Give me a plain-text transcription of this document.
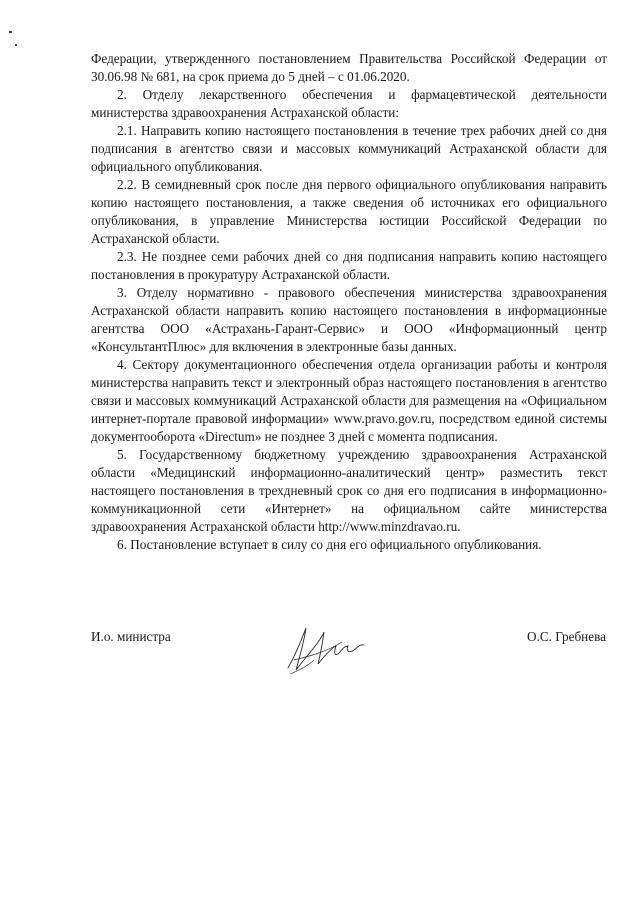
Федерации, утвержденного постановлением Правительства Российской Федерации от 30.06.98 № 681, на срок приема до 5 дней – с 01.06.2020.

2. Отделу лекарственного обеспечения и фармацевтической деятельности министерства здравоохранения Астраханской области:

2.1. Направить копию настоящего постановления в течение трех рабочих дней со дня подписания в агентство связи и массовых коммуникаций Астраханской области для официального опубликования.

2.2. В семидневный срок после дня первого официального опубликования направить копию настоящего постановления, а также сведения об источниках его официального опубликования, в управление Министерства юстиции Российской Федерации по Астраханской области.

2.3. Не позднее семи рабочих дней со дня подписания направить копию настоящего постановления в прокуратуру Астраханской области.

3. Отделу нормативно - правового обеспечения министерства здравоохранения Астраханской области направить копию настоящего постановления в информационные агентства ООО «Астрахань-Гарант-Сервис» и ООО «Информационный центр «КонсультантПлюс» для включения в электронные базы данных.

4. Сектору документационного обеспечения отдела организации работы и контроля министерства направить текст и электронный образ настоящего постановления в агентство связи и массовых коммуникаций Астраханской области для размещения на «Официальном интернет-портале правовой информации» www.pravo.gov.ru, посредством единой системы документооборота «Directum» не позднее 3 дней с момента подписания.

5. Государственному бюджетному учреждению здравоохранения Астраханской области «Медицинский информационно-аналитический центр» разместить текст настоящего постановления в трехдневный срок со дня его подписания в информационно-коммуникационной сети «Интернет» на официальном сайте министерства здравоохранения Астраханской области http://www.minzdravao.ru.

6. Постановление вступает в силу со дня его официального опубликования.

И.о. министра	О.С. Гребнева
